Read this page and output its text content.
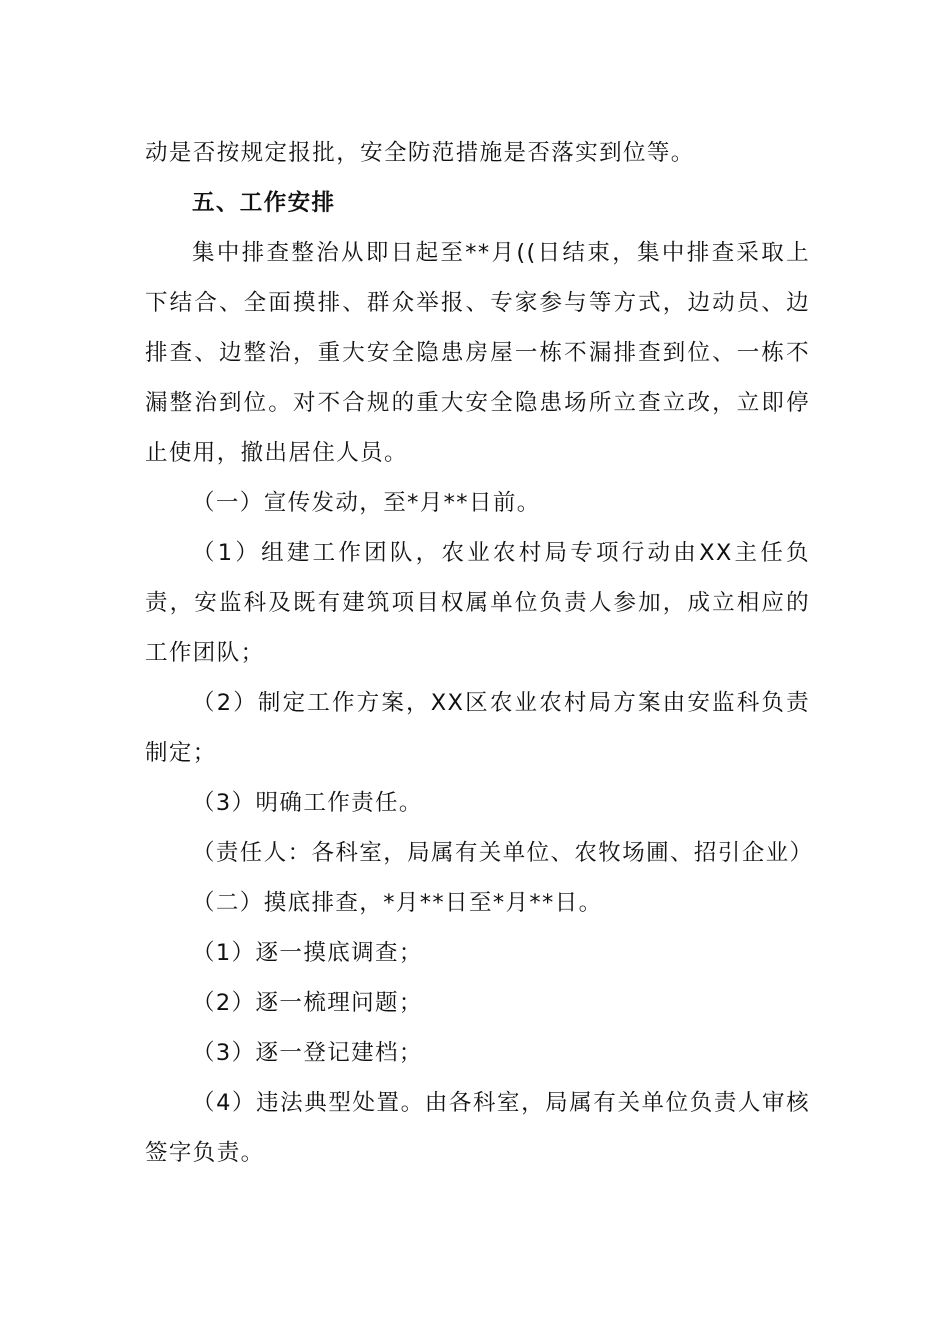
动是否按规定报批，安全防范措施是否落实到位等。

五、工作安排

集中排查整治从即日起至**月((日结束，集中排查采取上下结合、全面摸排、群众举报、专家参与等方式，边动员、边排查、边整治，重大安全隐患房屋一栋不漏排查到位、一栋不漏整治到位。对不合规的重大安全隐患场所立查立改，立即停止使用，撤出居住人员。

（一）宣传发动，至*月**日前。

（1）组建工作团队，农业农村局专项行动由XX主任负责，安监科及既有建筑项目权属单位负责人参加，成立相应的工作团队；

（2）制定工作方案，XX区农业农村局方案由安监科负责制定；

（3）明确工作责任。

（责任人：各科室，局属有关单位、农牧场圃、招引企业）

（二）摸底排查，*月**日至*月**日。

（1）逐一摸底调查；

（2）逐一梳理问题；

（3）逐一登记建档；

（4）违法典型处置。由各科室，局属有关单位负责人审核签字负责。
